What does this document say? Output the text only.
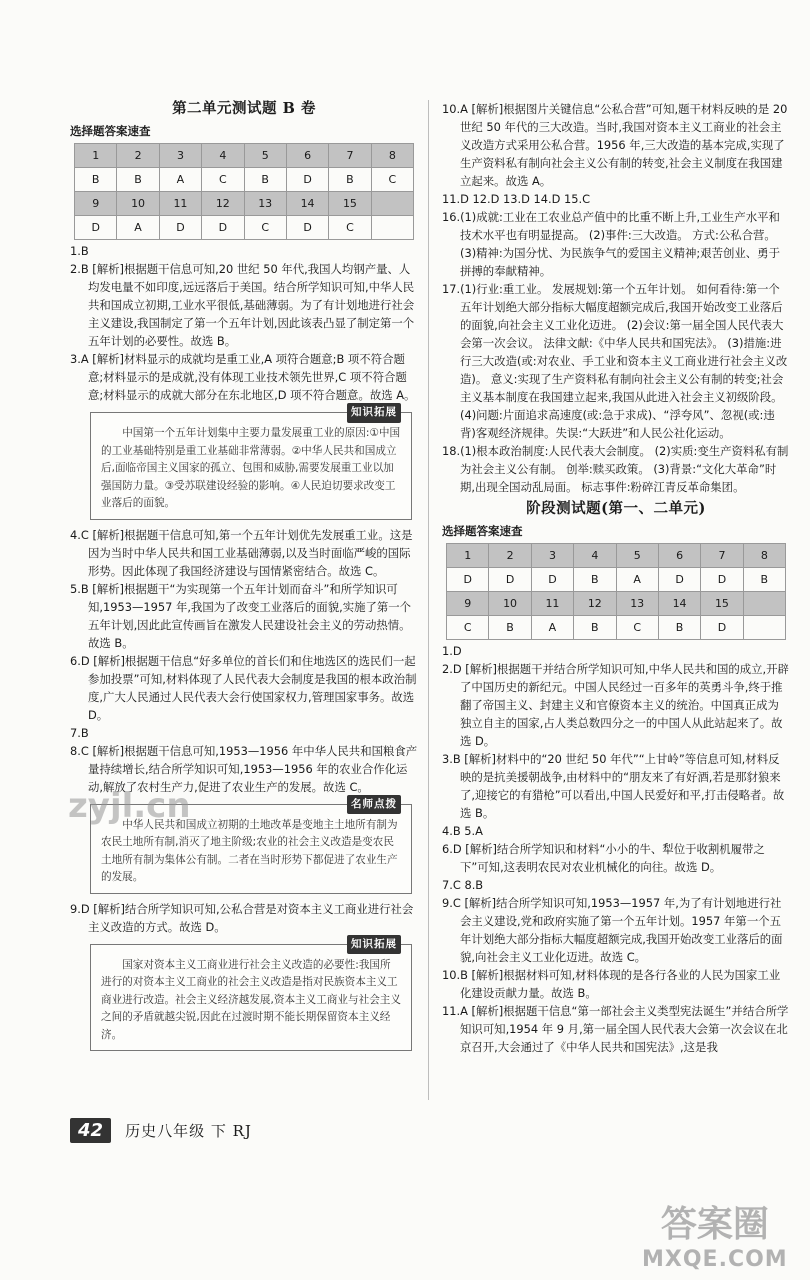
第二单元测试题 B 卷
选择题答案速查
1	2	3	4	5	6	7	8
B	B	A	C	B	D	B	C
9	10	11	12	13	14	15	
D	A	D	D	C	D	C	

1.B

2.B [解析]根据题干信息可知,20 世纪 50 年代,我国人均钢产量、人均发电量不如印度,远远落后于美国。结合所学知识可知,中华人民共和国成立初期,工业水平很低,基础薄弱。为了有计划地进行社会主义建设,我国制定了第一个五年计划,因此该表凸显了制定第一个五年计划的必要性。故选 B。

3.A [解析]材料显示的成就均是重工业,A 项符合题意;B 项不符合题意;材料显示的是成就,没有体现工业技术领先世界,C 项不符合题意;材料显示的成就大部分在东北地区,D 项不符合题意。故选 A。

知识拓展

中国第一个五年计划集中主要力量发展重工业的原因:①中国的工业基础特别是重工业基础非常薄弱。②中华人民共和国成立后,面临帝国主义国家的孤立、包围和威胁,需要发展重工业以加强国防力量。③受苏联建设经验的影响。④人民迫切要求改变工业落后的面貌。

4.C [解析]根据题干信息可知,第一个五年计划优先发展重工业。这是因为当时中华人民共和国工业基础薄弱,以及当时面临严峻的国际形势。因此体现了我国经济建设与国情紧密结合。故选 C。

5.B [解析]根据题干“为实现第一个五年计划而奋斗”和所学知识可知,1953—1957 年,我国为了改变工业落后的面貌,实施了第一个五年计划,因此此宣传画旨在激发人民建设社会主义的劳动热情。故选 B。

6.D [解析]根据题干信息“好多单位的首长们和住地选区的选民们一起参加投票”可知,材料体现了人民代表大会制度是我国的根本政治制度,广大人民通过人民代表大会行使国家权力,管理国家事务。故选 D。

7.B

8.C [解析]根据题干信息可知,1953—1956 年中华人民共和国粮食产量持续增长,结合所学知识可知,1953—1956 年的农业合作化运动,解放了农村生产力,促进了农业生产的发展。故选 C。

名师点拨

中华人民共和国成立初期的土地改革是变地主土地所有制为农民土地所有制,消灭了地主阶级;农业的社会主义改造是变农民土地所有制为集体公有制。二者在当时形势下都促进了农业生产的发展。

9.D [解析]结合所学知识可知,公私合营是对资本主义工商业进行社会主义改造的方式。故选 D。

知识拓展

国家对资本主义工商业进行社会主义改造的必要性:我国所进行的对资本主义工商业的社会主义改造是指对民族资本主义工商业进行改造。社会主义经济越发展,资本主义工商业与社会主义之间的矛盾就越尖锐,因此在过渡时期不能长期保留资本主义经济。

10.A [解析]根据图片关键信息“公私合营”可知,题干材料反映的是 20 世纪 50 年代的三大改造。当时,我国对资本主义工商业的社会主义改造方式采用公私合营。1956 年,三大改造的基本完成,实现了生产资料私有制向社会主义公有制的转变,社会主义制度在我国建立起来。故选 A。

11.D 12.D 13.D 14.D 15.C

16.(1)成就:工业在工农业总产值中的比重不断上升,工业生产水平和技术水平也有明显提高。 (2)事件:三大改造。 方式:公私合营。 (3)精神:为国分忧、为民族争气的爱国主义精神;艰苦创业、勇于拼搏的奉献精神。

17.(1)行业:重工业。 发展规划:第一个五年计划。 如何看待:第一个五年计划绝大部分指标大幅度超额完成后,我国开始改变工业落后的面貌,向社会主义工业化迈进。 (2)会议:第一届全国人民代表大会第一次会议。 法律文献:《中华人民共和国宪法》。 (3)措施:进行三大改造(或:对农业、手工业和资本主义工商业进行社会主义改造)。 意义:实现了生产资料私有制向社会主义公有制的转变;社会主义基本制度在我国建立起来,我国从此进入社会主义初级阶段。 (4)问题:片面追求高速度(或:急于求成)、“浮夸风”、忽视(或:违背)客观经济规律。失误:“大跃进”和人民公社化运动。

18.(1)根本政治制度:人民代表大会制度。 (2)实质:变生产资料私有制为社会主义公有制。 创举:赎买政策。 (3)背景:“文化大革命”时期,出现全国动乱局面。 标志事件:粉碎江青反革命集团。

阶段测试题(第一、二单元)
选择题答案速查
1	2	3	4	5	6	7	8
D	D	D	B	A	D	D	B
9	10	11	12	13	14	15	
C	B	A	B	C	B	D	

1.D

2.D [解析]根据题干并结合所学知识可知,中华人民共和国的成立,开辟了中国历史的新纪元。中国人民经过一百多年的英勇斗争,终于推翻了帝国主义、封建主义和官僚资本主义的统治。中国真正成为独立自主的国家,占人类总数四分之一的中国人从此站起来了。故选 D。

3.B [解析]材料中的“20 世纪 50 年代”“上甘岭”等信息可知,材料反映的是抗美援朝战争,由材料中的“朋友来了有好酒,若是那豺狼来了,迎接它的有猎枪”可以看出,中国人民爱好和平,打击侵略者。故选 B。

4.B 5.A

6.D [解析]结合所学知识和材料“小小的牛、犁位于收割机履带之下”可知,这表明农民对农业机械化的向往。故选 D。

7.C 8.B

9.C [解析]结合所学知识可知,1953—1957 年,为了有计划地进行社会主义建设,党和政府实施了第一个五年计划。1957 年第一个五年计划绝大部分指标大幅度超额完成,我国开始改变工业落后的面貌,向社会主义工业化迈进。故选 C。

10.B [解析]根据材料可知,材料体现的是各行各业的人民为国家工业化建设贡献力量。故选 B。

11.A [解析]根据题干信息“第一部社会主义类型宪法诞生”并结合所学知识可知,1954 年 9 月,第一届全国人民代表大会第一次会议在北京召开,大会通过了《中华人民共和国宪法》,这是我

42	历史八年级 下 RJ
zyjl.cn
答案圈
MXQE.COM
